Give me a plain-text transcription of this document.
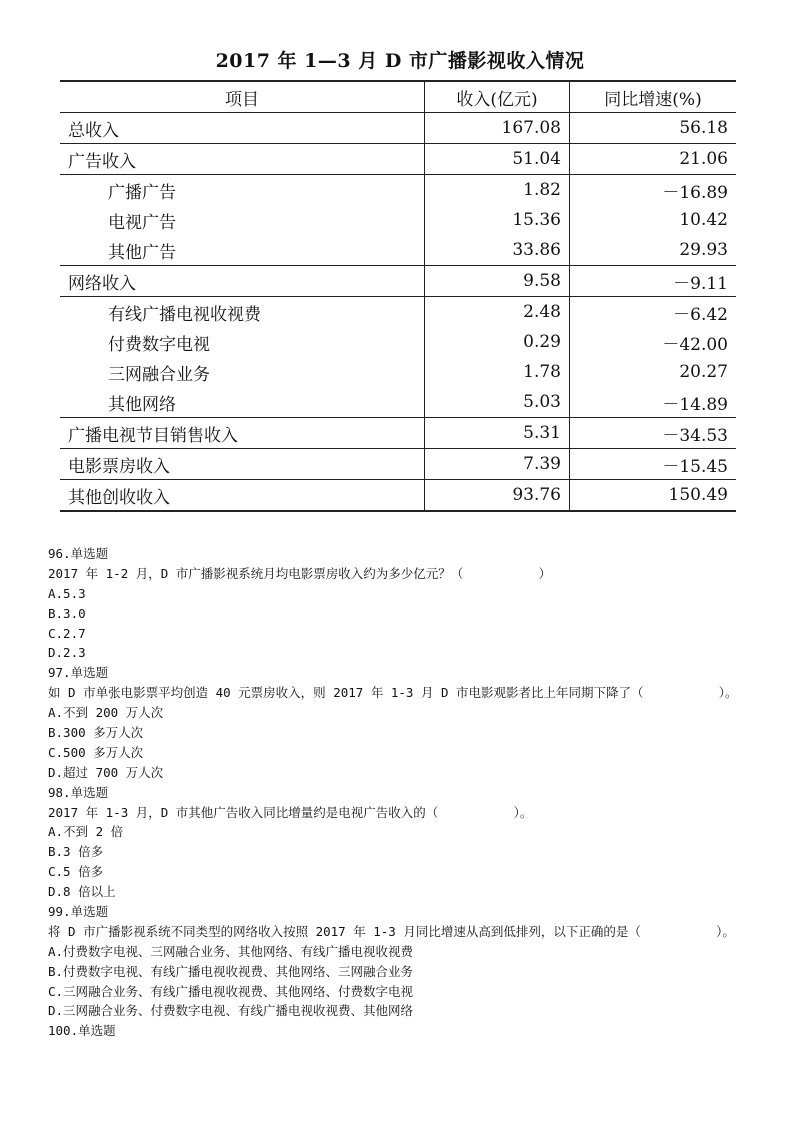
2017 年 1—3 月 D 市广播影视收入情况
项目	收入(亿元)	同比增速(%)
总收入	167.08	56.18
广告收入	51.04	21.06
广播广告	1.82	－16.89
电视广告	15.36	10.42
其他广告	33.86	29.93
网络收入	9.58	－9.11
有线广播电视收视费	2.48	－6.42
付费数字电视	0.29	－42.00
三网融合业务	1.78	20.27
其他网络	5.03	－14.89
广播电视节目销售收入	5.31	－34.53
电影票房收入	7.39	－15.45
其他创收收入	93.76	150.49
96.单选题
2017 年 1-2 月，D 市广播影视系统月均电影票房收入约为多少亿元？（          ）
A.5.3
B.3.0
C.2.7
D.2.3
97.单选题
如 D 市单张电影票平均创造 40 元票房收入，则 2017 年 1-3 月 D 市电影观影者比上年同期下降了（          ）。
A.不到 200 万人次
B.300 多万人次
C.500 多万人次
D.超过 700 万人次
98.单选题
2017 年 1-3 月，D 市其他广告收入同比增量约是电视广告收入的（          ）。
A.不到 2 倍
B.3 倍多
C.5 倍多
D.8 倍以上
99.单选题
将 D 市广播影视系统不同类型的网络收入按照 2017 年 1-3 月同比增速从高到低排列，以下正确的是（          ）。
A.付费数字电视、三网融合业务、其他网络、有线广播电视收视费
B.付费数字电视、有线广播电视收视费、其他网络、三网融合业务
C.三网融合业务、有线广播电视收视费、其他网络、付费数字电视
D.三网融合业务、付费数字电视、有线广播电视收视费、其他网络
100.单选题
